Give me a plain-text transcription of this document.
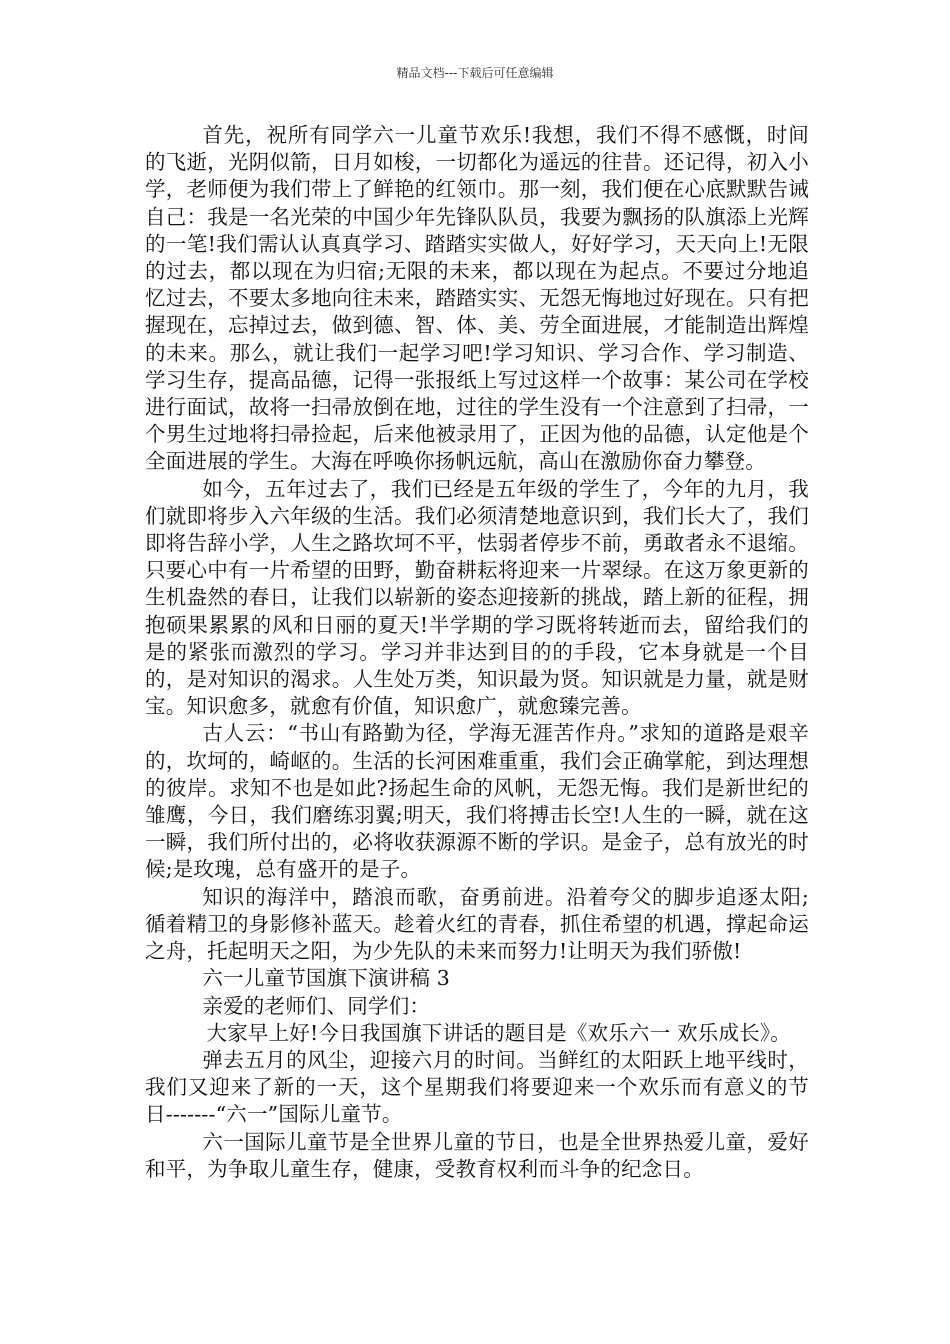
精品文档---下载后可任意编辑

首先，祝所有同学六一儿童节欢乐!我想，我们不得不感慨，时间的飞逝，光阴似箭，日月如梭，一切都化为遥远的往昔。还记得，初入小学，老师便为我们带上了鲜艳的红领巾。那一刻，我们便在心底默默告诫自己：我是一名光荣的中国少年先锋队队员，我要为飘扬的队旗添上光辉的一笔!我们需认认真真学习、踏踏实实做人，好好学习，天天向上!无限的过去，都以现在为归宿;无限的未来，都以现在为起点。不要过分地追忆过去，不要太多地向往未来，踏踏实实、无怨无悔地过好现在。只有把握现在，忘掉过去，做到德、智、体、美、劳全面进展，才能制造出辉煌的未来。那么，就让我们一起学习吧!学习知识、学习合作、学习制造、学习生存，提高品德，记得一张报纸上写过这样一个故事：某公司在学校进行面试，故将一扫帚放倒在地，过往的学生没有一个注意到了扫帚，一个男生过地将扫帚捡起，后来他被录用了，正因为他的品德，认定他是个全面进展的学生。大海在呼唤你扬帆远航，高山在激励你奋力攀登。

如今，五年过去了，我们已经是五年级的学生了，今年的九月，我们就即将步入六年级的生活。我们必须清楚地意识到，我们长大了，我们即将告辞小学，人生之路坎坷不平，怯弱者停步不前，勇敢者永不退缩。只要心中有一片希望的田野，勤奋耕耘将迎来一片翠绿。在这万象更新的生机盎然的春日，让我们以崭新的姿态迎接新的挑战，踏上新的征程，拥抱硕果累累的风和日丽的夏天!半学期的学习既将转逝而去，留给我们的是的紧张而激烈的学习。学习并非达到目的的手段，它本身就是一个目的，是对知识的渴求。人生处万类，知识最为贤。知识就是力量，就是财宝。知识愈多，就愈有价值，知识愈广，就愈臻完善。

古人云：“书山有路勤为径，学海无涯苦作舟。”求知的道路是艰辛的，坎坷的，崎岖的。生活的长河困难重重，我们会正确掌舵，到达理想的彼岸。求知不也是如此?扬起生命的风帆，无怨无悔。我们是新世纪的雏鹰，今日，我们磨练羽翼;明天，我们将搏击长空!人生的一瞬，就在这一瞬，我们所付出的，必将收获源源不断的学识。是金子，总有放光的时候;是玫瑰，总有盛开的是子。

知识的海洋中，踏浪而歌，奋勇前进。沿着夸父的脚步追逐太阳;循着精卫的身影修补蓝天。趁着火红的青春，抓住希望的机遇，撑起命运之舟，托起明天之阳，为少先队的未来而努力!让明天为我们骄傲!

六一儿童节国旗下演讲稿 3

亲爱的老师们、同学们：

大家早上好!今日我国旗下讲话的题目是《欢乐六一 欢乐成长》。

弹去五月的风尘，迎接六月的时间。当鲜红的太阳跃上地平线时，我们又迎来了新的一天，这个星期我们将要迎来一个欢乐而有意义的节日-------“六一”国际儿童节。

六一国际儿童节是全世界儿童的节日，也是全世界热爱儿童，爱好和平，为争取儿童生存，健康，受教育权利而斗争的纪念日。
